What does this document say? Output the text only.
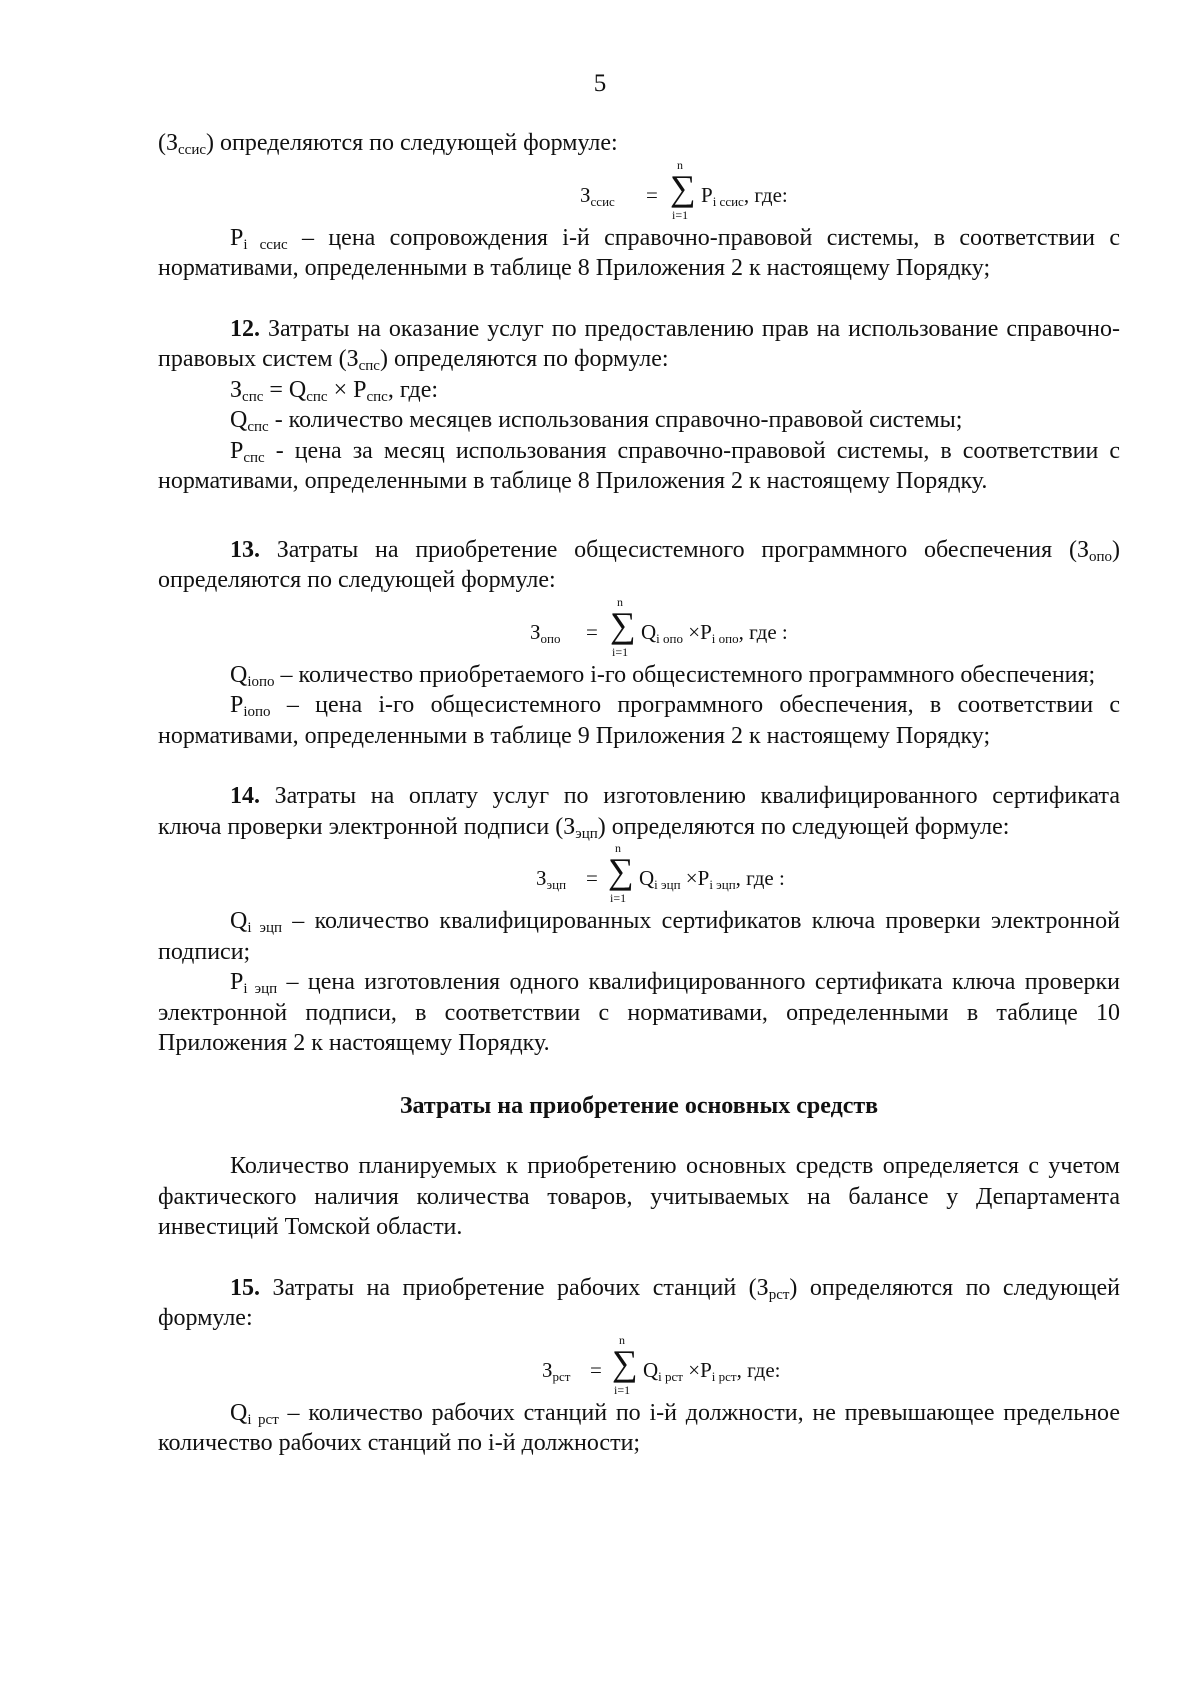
5

$(З_{ссис})$ определяются по следующей формуле:

$З_{ссис}$ = ∑
n
i=1
$P_{i ссис}$, где:

$P_{i ссис}$ – цена сопровождения i-й справочно-правовой системы, в соответствии с нормативами, определенными в таблице 8 Приложения 2 к настоящему Порядку;

12. Затраты на оказание услуг по предоставлению прав на использование справочно-правовых систем $(З_{спс})$ определяются по формуле:

$З_{спс} = Q_{спс} \times P_{спс}$, где:

$Q_{спс}$ - количество месяцев использования справочно-правовой системы;

$P_{спс}$ - цена за месяц использования справочно-правовой системы, в соответствии с нормативами, определенными в таблице 8 Приложения 2 к настоящему Порядку.

13. Затраты на приобретение общесистемного программного обеспечения $(З_{опо})$ определяются по следующей формуле:

$З_{опо}$ = ∑
n
i=1
$Q_{i опо} \times P_{i опо}$, где :

$Q_{iопо}$ – количество приобретаемого i-го общесистемного программного обеспечения;

$P_{iопо}$ – цена i-го общесистемного программного обеспечения, в соответствии с нормативами, определенными в таблице 9 Приложения 2 к настоящему Порядку;

14. Затраты на оплату услуг по изготовлению квалифицированного сертификата ключа проверки электронной подписи $(З_{эцп})$ определяются по следующей формуле:

$З_{эцп}$ = ∑
n
i=1
$Q_{i эцп} \times P_{i эцп}$, где :

$Q_{i эцп}$ – количество квалифицированных сертификатов ключа проверки электронной подписи;

$P_{i эцп}$ – цена изготовления одного квалифицированного сертификата ключа проверки электронной подписи, в соответствии с нормативами, определенными в таблице 10 Приложения 2 к настоящему Порядку.

Затраты на приобретение основных средств

Количество планируемых к приобретению основных средств определяется с учетом фактического наличия количества товаров, учитываемых на балансе у Департамента инвестиций Томской области.

15. Затраты на приобретение рабочих станций $(З_{рст})$ определяются по следующей формуле:

$З_{рст}$ = ∑
n
i=1
$Q_{i рст} \times P_{i рст}$, где:

$Q_{i рст}$ – количество рабочих станций по i-й должности, не превышающее предельное количество рабочих станций по i-й должности;
